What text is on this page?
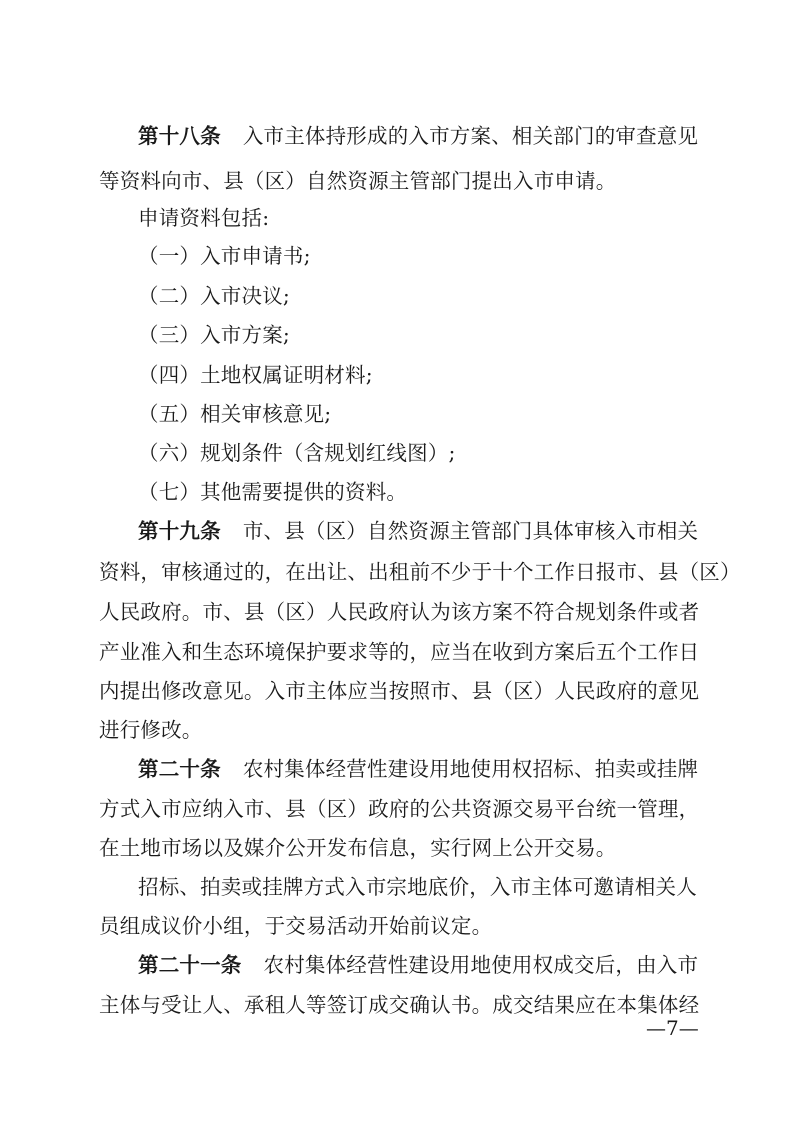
第十八条 入市主体持形成的入市方案、相关部门的审查意见
等资料向市、县（区）自然资源主管部门提出入市申请。
申请资料包括:
（一）入市申请书;
（二）入市决议;
（三）入市方案;
（四）土地权属证明材料;
（五）相关审核意见;
（六）规划条件（含规划红线图）;
（七）其他需要提供的资料。
第十九条 市、县（区）自然资源主管部门具体审核入市相关
资料，审核通过的，在出让、出租前不少于十个工作日报市、县（区）
人民政府。市、县（区）人民政府认为该方案不符合规划条件或者
产业准入和生态环境保护要求等的，应当在收到方案后五个工作日
内提出修改意见。入市主体应当按照市、县（区）人民政府的意见
进行修改。
第二十条 农村集体经营性建设用地使用权招标、拍卖或挂牌
方式入市应纳入市、县（区）政府的公共资源交易平台统一管理，
在土地市场以及媒介公开发布信息，实行网上公开交易。
招标、拍卖或挂牌方式入市宗地底价，入市主体可邀请相关人
员组成议价小组，于交易活动开始前议定。
第二十一条 农村集体经营性建设用地使用权成交后，由入市
主体与受让人、承租人等签订成交确认书。成交结果应在本集体经
—7—
